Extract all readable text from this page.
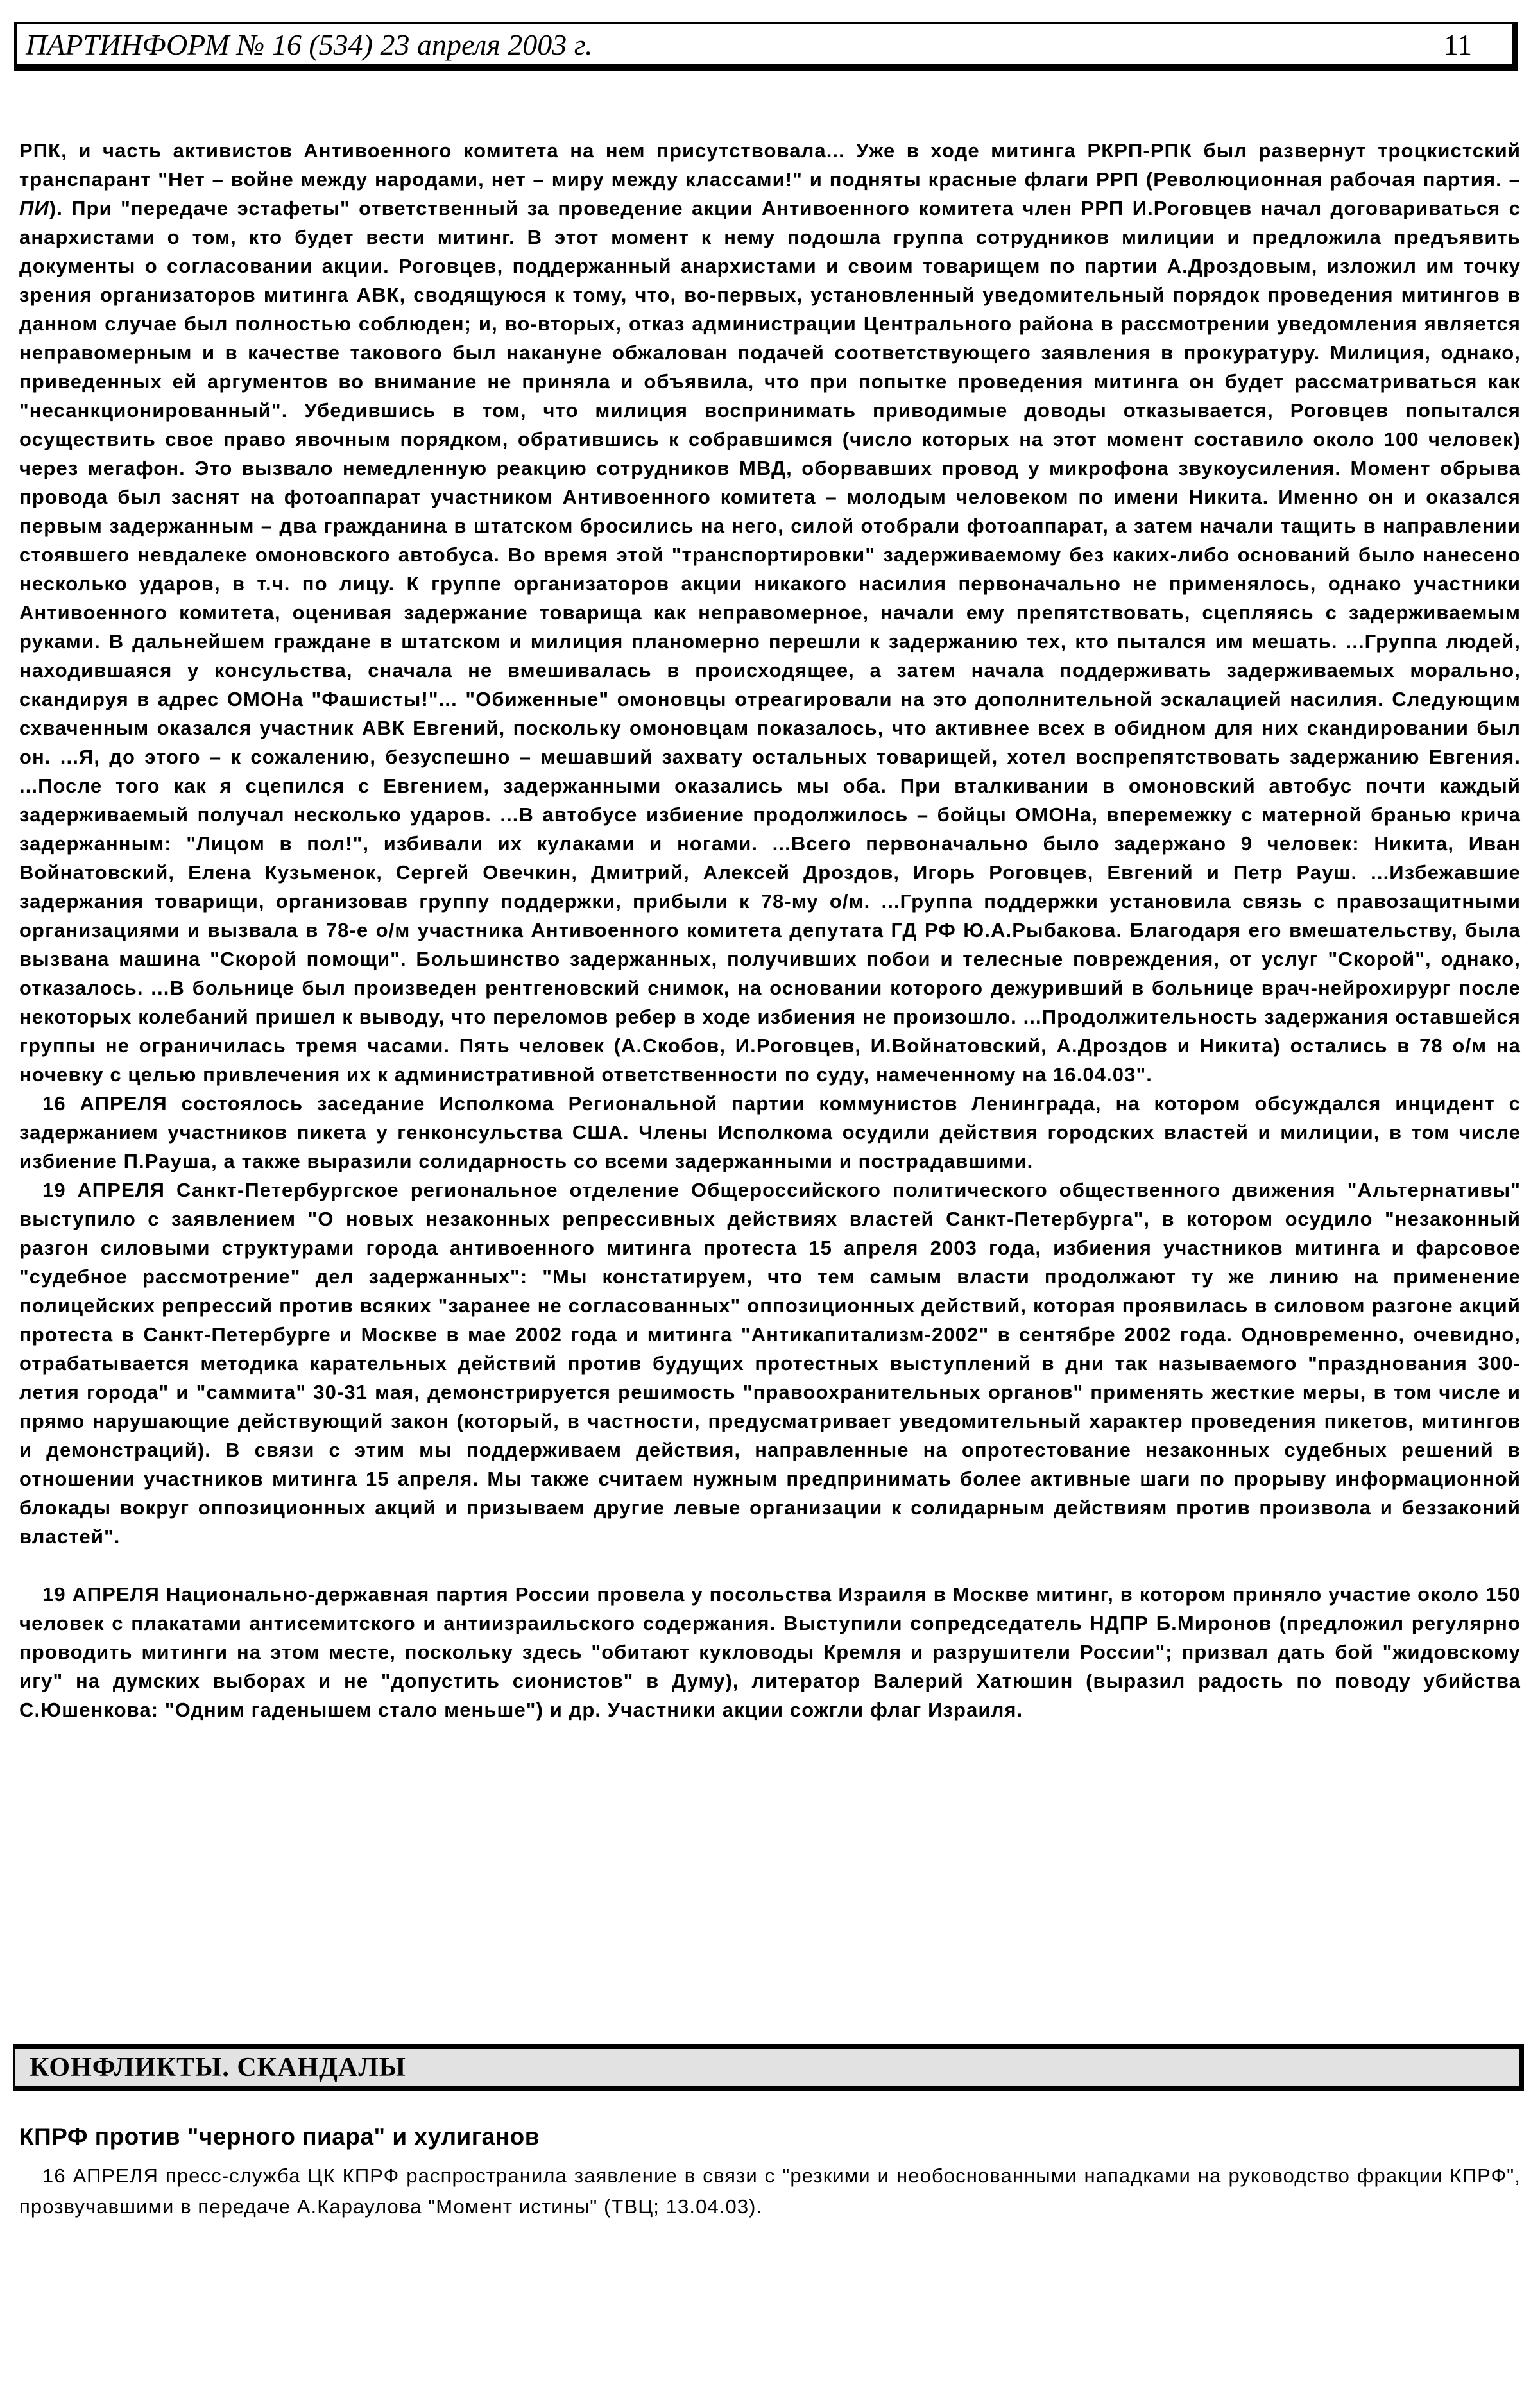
ПАРТИНФОРМ № 16 (534) 23 апреля 2003 г.	11

РПК, и часть активистов Антивоенного комитета на нем присутствовала... Уже в ходе митинга РКРП-РПК был развернут троцкистский транспарант "Нет – войне между народами, нет – миру между классами!" и подняты красные флаги РРП (Революционная рабочая партия. – ПИ). При "передаче эстафеты" ответственный за проведение акции Антивоенного комитета член РРП И.Роговцев начал договариваться с анархистами о том, кто будет вести митинг. В этот момент к нему подошла группа сотрудников милиции и предложила предъявить документы о согласовании акции. Роговцев, поддержанный анархистами и своим товарищем по партии А.Дроздовым, изложил им точку зрения организаторов митинга АВК, сводящуюся к тому, что, во-первых, установленный уведомительный порядок проведения митингов в данном случае был полностью соблюден; и, во-вторых, отказ администрации Центрального района в рассмотрении уведомления является неправомерным и в качестве такового был накануне обжалован подачей соответствующего заявления в прокуратуру. Милиция, однако, приведенных ей аргументов во внимание не приняла и объявила, что при попытке проведения митинга он будет рассматриваться как "несанкционированный". Убедившись в том, что милиция воспринимать приводимые доводы отказывается, Роговцев попытался осуществить свое право явочным порядком, обратившись к собравшимся (число которых на этот момент составило около 100 человек) через мегафон. Это вызвало немедленную реакцию сотрудников МВД, оборвавших провод у микрофона звукоусиления. Момент обрыва провода был заснят на фотоаппарат участником Антивоенного комитета – молодым человеком по имени Никита. Именно он и оказался первым задержанным – два гражданина в штатском бросились на него, силой отобрали фотоаппарат, а затем начали тащить в направлении стоявшего невдалеке омоновского автобуса. Во время этой "транспортировки" задерживаемому без каких-либо оснований было нанесено несколько ударов, в т.ч. по лицу. К группе организаторов акции никакого насилия первоначально не применялось, однако участники Антивоенного комитета, оценивая задержание товарища как неправомерное, начали ему препятствовать, сцепляясь с задерживаемым руками. В дальнейшем граждане в штатском и милиция планомерно перешли к задержанию тех, кто пытался им мешать. ...Группа людей, находившаяся у консульства, сначала не вмешивалась в происходящее, а затем начала поддерживать задерживаемых морально, скандируя в адрес ОМОНа "Фашисты!"... "Обиженные" омоновцы отреагировали на это дополнительной эскалацией насилия. Следующим схваченным оказался участник АВК Евгений, поскольку омоновцам показалось, что активнее всех в обидном для них скандировании был он. ...Я, до этого – к сожалению, безуспешно – мешавший захвату остальных товарищей, хотел воспрепятствовать задержанию Евгения. ...После того как я сцепился с Евгением, задержанными оказались мы оба. При вталкивании в омоновский автобус почти каждый задерживаемый получал несколько ударов. ...В автобусе избиение продолжилось – бойцы ОМОНа, вперемежку с матерной бранью крича задержанным: "Лицом в пол!", избивали их кулаками и ногами. ...Всего первоначально было задержано 9 человек: Никита, Иван Войнатовский, Елена Кузьменок, Сергей Овечкин, Дмитрий, Алексей Дроздов, Игорь Роговцев, Евгений и Петр Рауш. ...Избежавшие задержания товарищи, организовав группу поддержки, прибыли к 78-му о/м. ...Группа поддержки установила связь с правозащитными организациями и вызвала в 78-е о/м участника Антивоенного комитета депутата ГД РФ Ю.А.Рыбакова. Благодаря его вмешательству, была вызвана машина "Скорой помощи". Большинство задержанных, получивших побои и телесные повреждения, от услуг "Скорой", однако, отказалось. ...В больнице был произведен рентгеновский снимок, на основании которого дежуривший в больнице врач-нейрохирург после некоторых колебаний пришел к выводу, что переломов ребер в ходе избиения не произошло. ...Продолжительность задержания оставшейся группы не ограничилась тремя часами. Пять человек (А.Скобов, И.Роговцев, И.Войнатовский, А.Дроздов и Никита) остались в 78 о/м на ночевку с целью привлечения их к административной ответственности по суду, намеченному на 16.04.03".

16 АПРЕЛЯ состоялось заседание Исполкома Региональной партии коммунистов Ленинграда, на котором обсуждался инцидент с задержанием участников пикета у генконсульства США. Члены Исполкома осудили действия городских властей и милиции, в том числе избиение П.Рауша, а также выразили солидарность со всеми задержанными и пострадавшими.

19 АПРЕЛЯ Санкт-Петербургское региональное отделение Общероссийского политического общественного движения "Альтернативы" выступило с заявлением "О новых незаконных репрессивных действиях властей Санкт-Петербурга", в котором осудило "незаконный разгон силовыми структурами города антивоенного митинга протеста 15 апреля 2003 года, избиения участников митинга и фарсовое "судебное рассмотрение" дел задержанных": "Мы констатируем, что тем самым власти продолжают ту же линию на применение полицейских репрессий против всяких "заранее не согласованных" оппозиционных действий, которая проявилась в силовом разгоне акций протеста в Санкт-Петербурге и Москве в мае 2002 года и митинга "Антикапитализм-2002" в сентябре 2002 года. Одновременно, очевидно, отрабатывается методика карательных действий против будущих протестных выступлений в дни так называемого "празднования 300-летия города" и "саммита" 30-31 мая, демонстрируется решимость "правоохранительных органов" применять жесткие меры, в том числе и прямо нарушающие действующий закон (который, в частности, предусматривает уведомительный характер проведения пикетов, митингов и демонстраций). В связи с этим мы поддерживаем действия, направленные на опротестование незаконных судебных решений в отношении участников митинга 15 апреля. Мы также считаем нужным предпринимать более активные шаги по прорыву информационной блокады вокруг оппозиционных акций и призываем другие левые организации к солидарным действиям против произвола и беззаконий властей".

19 АПРЕЛЯ Национально-державная партия России провела у посольства Израиля в Москве митинг, в котором приняло участие около 150 человек с плакатами антисемитского и антиизраильского содержания. Выступили сопредседатель НДПР Б.Миронов (предложил регулярно проводить митинги на этом месте, поскольку здесь "обитают кукловоды Кремля и разрушители России"; призвал дать бой "жидовскому игу" на думских выборах и не "допустить сионистов" в Думу), литератор Валерий Хатюшин (выразил радость по поводу убийства С.Юшенкова: "Одним гаденышем стало меньше") и др. Участники акции сожгли флаг Израиля.

КОНФЛИКТЫ. СКАНДАЛЫ
КПРФ против "черного пиара" и хулиганов

16 АПРЕЛЯ пресс-служба ЦК КПРФ распространила заявление в связи с "резкими и необоснованными нападками на руководство фракции КПРФ", прозвучавшими в передаче А.Караулова "Момент истины" (ТВЦ; 13.04.03).
